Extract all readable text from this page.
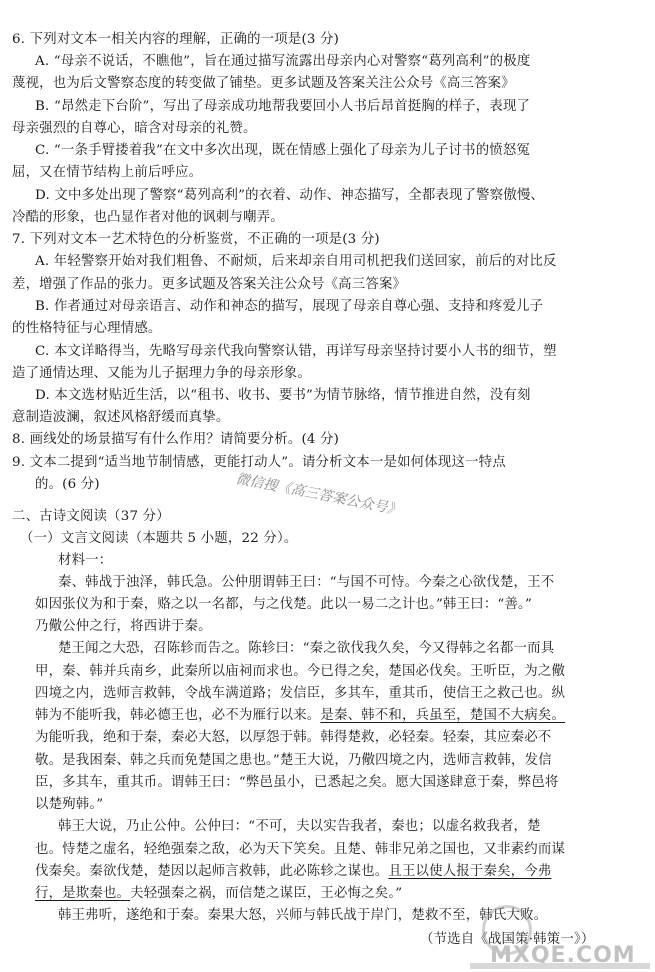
6. 下列对文本一相关内容的理解，正确的一项是(3 分)
A. “母亲不说话，不瞧他”，旨在通过描写流露出母亲内心对警察“葛列高利”的极度
蔑视，也为后文警察态度的转变做了铺垫。更多试题及答案关注公众号《高三答案》
B. “昂然走下台阶”，写出了母亲成功地帮我要回小人书后昂首挺胸的样子，表现了
母亲强烈的自尊心，暗含对母亲的礼赞。
C. “一条手臂搂着我”在文中多次出现，既在情感上强化了母亲为儿子讨书的愤怒冤
屈，又在情节结构上前后呼应。
D. 文中多处出现了警察“葛列高利”的衣着、动作、神态描写，全都表现了警察傲慢、
冷酷的形象，也凸显作者对他的讽刺与嘲弄。
7. 下列对文本一艺术特色的分析鉴赏，不正确的一项是(3 分)
A. 年轻警察开始对我们粗鲁、不耐烦，后来却亲自用司机把我们送回家，前后的对比反
差，增强了作品的张力。更多试题及答案关注公众号《高三答案》
B. 作者通过对母亲语言、动作和神态的描写，展现了母亲自尊心强、支持和疼爱儿子
的性格特征与心理情感。
C. 本文详略得当，先略写母亲代我向警察认错，再详写母亲坚持讨要小人书的细节，塑
造了通情达理、又能为儿子据理力争的母亲形象。
D. 本文选材贴近生活，以“租书、收书、要书”为情节脉络，情节推进自然，没有刻
意制造波澜，叙述风格舒缓而真挚。
8. 画线处的场景描写有什么作用？请简要分析。(4 分)
9. 文本二提到“适当地节制情感，更能打动人”。请分析文本一是如何体现这一特点
的。(6 分)	微信搜《高三答案公众号》
二、古诗文阅读（37 分）
（一）文言文阅读（本题共 5 小题，22 分）。
材料一：
秦、韩战于浊泽，韩氏急。公仲朋谓韩王曰：“与国不可恃。今秦之心欲伐楚，王不
如因张仪为和于秦，赂之以一名都，与之伐楚。此以一易二之计也。”韩王曰：“善。”
乃儆公仲之行，将西讲于秦。
楚王闻之大恐，召陈轸而告之。陈轸曰：“秦之欲伐我久矣，今又得韩之名都一而具
甲，秦、韩并兵南乡，此秦所以庙祠而求也。今已得之矣，楚国必伐矣。王听臣，为之儆
四境之内，选师言救韩，令战车满道路；发信臣，多其车，重其币，使信王之救己也。纵
韩为不能听我，韩必德王也，必不为雁行以来。是秦、韩不和，兵虽至，楚国不大病矣。
为能听我，绝和于秦，秦必大怒，以厚怨于韩。韩得楚救，必轻秦。轻秦，其应秦必不
敬。是我困秦、韩之兵而免楚国之患也。”楚王大说，乃儆四境之内，选师言救韩，发信
臣，多其车，重其币。谓韩王曰：“弊邑虽小，已悉起之矣。愿大国遂肆意于秦，弊邑将
以楚殉韩。”
韩王大说，乃止公仲。公仲曰：“不可，夫以实告我者，秦也；以虚名救我者，楚
也。恃楚之虚名，轻绝强秦之敌，必为天下笑矣。且楚、韩非兄弟之国也，又非素约而谋
伐秦矣。秦欲伐楚，楚因以起师言救韩，此必陈轸之谋也。且王以使人报于秦矣，今弗
行，是欺秦也。夫轻强秦之祸，而信楚之谋臣，王必悔之矣。”
韩王弗听，遂绝和于秦。秦果大怒，兴师与韩氏战于岸门，楚救不至，韩氏大败。
（节选自《战国策·韩策一》）
MXQE.COM
